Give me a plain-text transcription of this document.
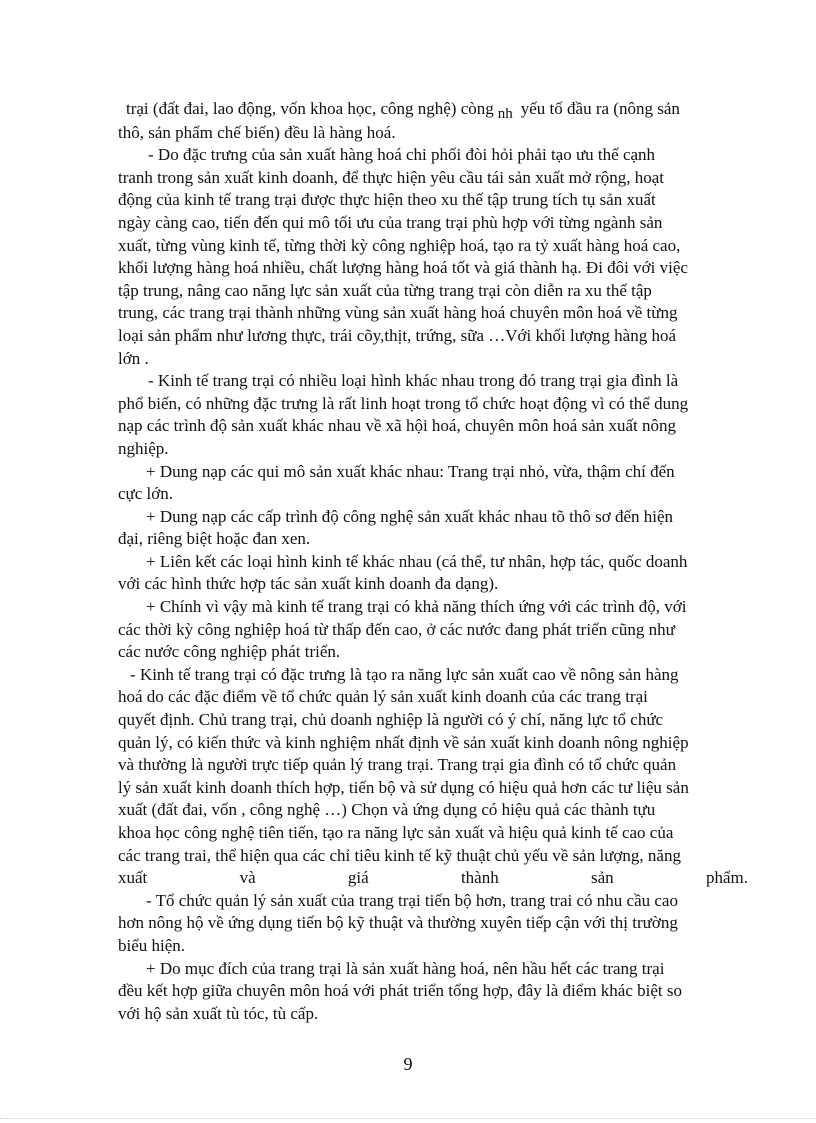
trại (đất đai, lao động, vốn khoa học, công nghệ) còng nh yếu tố đầu ra (nông sản
thô, sản phẩm chế biến) đều là hàng hoá.
- Do đặc trưng của sản xuất hàng hoá chi phối đòi hỏi phải tạo ưu thế cạnh
tranh trong sản xuất kinh doanh, để thực hiện yêu cầu tái sản xuất mở rộng, hoạt
động của kinh tế trang trại được thực hiện theo xu thế tập trung tích tụ sản xuất
ngày càng cao, tiến đến qui mô tối ưu của trang trại phù hợp với từng ngành sản
xuất, từng vùng kinh tế, từng thời kỳ công nghiệp hoá, tạo ra tỷ xuất hàng hoá cao,
khối lượng hàng hoá nhiều, chất lượng hàng hoá tốt và giá thành hạ. Đi đôi với việc
tập trung, nâng cao năng lực sản xuất của từng trang trại còn diễn ra xu thế tập
trung, các trang trại thành những vùng sản xuất hàng hoá chuyên môn hoá về từng
loại sản phẩm như lương thực, trái cõy,thịt, trứng, sữa …Với khối lượng hàng hoá
lớn .
- Kinh tế trang trại có nhiều loại hình khác nhau trong đó trang trại gia đình là
phổ biến, có những đặc trưng là rất linh hoạt trong tổ chức hoạt động vì có thể dung
nạp các trình độ sản xuất khác nhau về xã hội hoá, chuyên môn hoá sản xuất nông
nghiệp.
+ Dung nạp các qui mô sản xuất khác nhau: Trang trại nhỏ, vừa, thậm chí đến
cực lớn.
+ Dung nạp các cấp trình độ công nghệ sản xuất khác nhau tõ thô sơ đến hiện
đại, riêng biệt hoặc đan xen.
+ Liên kết các loại hình kinh tế khác nhau (cá thể, tư nhân, hợp tác, quốc doanh
với các hình thức hợp tác sản xuất kinh doanh đa dạng).
+ Chính vì vậy mà kinh tế trang trại có khả năng thích ứng với các trình độ, với
các thời kỳ công nghiệp hoá từ thấp đến cao, ở các nước đang phát triển cũng như
các nước công nghiệp phát triển.
- Kinh tế trang trại có đặc trưng là tạo ra năng lực sản xuất cao về nông sản hàng
hoá do các đặc điểm về tổ chức quản lý sản xuất kinh doanh của các trang trại
quyết định. Chủ trang trại, chủ doanh nghiệp là người có ý chí, năng lực tổ chức
quản lý, có kiến thức và kinh nghiệm nhất định về sản xuất kinh doanh nông nghiệp
và thường là người trực tiếp quản lý trang trại. Trang trại gia đình có tổ chức quản
lý sản xuất kinh doanh thích hợp, tiến bộ và sử dụng có hiệu quả hơn các tư liệu sản
xuất (đất đai, vốn , công nghệ …) Chọn và ứng dụng có hiệu quả các thành tựu
khoa học công nghệ tiên tiến, tạo ra năng lực sản xuất và hiệu quả kinh tế cao của
các trang trai, thể hiện qua các chỉ tiêu kinh tế kỹ thuật chủ yếu về sản lượng, năng
xuất	và	giá	thành	sản	phẩm.
- Tổ chức quản lý sản xuất của trang trại tiến bộ hơn, trang trai có nhu cầu cao
hơn nông hộ về ứng dụng tiến bộ kỹ thuật và thường xuyên tiếp cận với thị trường
biểu hiện.
+ Do mục đích của trang trại là sản xuất hàng hoá, nên hầu hết các trang trại
đều kết hợp giữa chuyên môn hoá với phát triển tổng hợp, đây là điểm khác biệt so
với hộ sản xuất tù tóc, tù cấp.
9
